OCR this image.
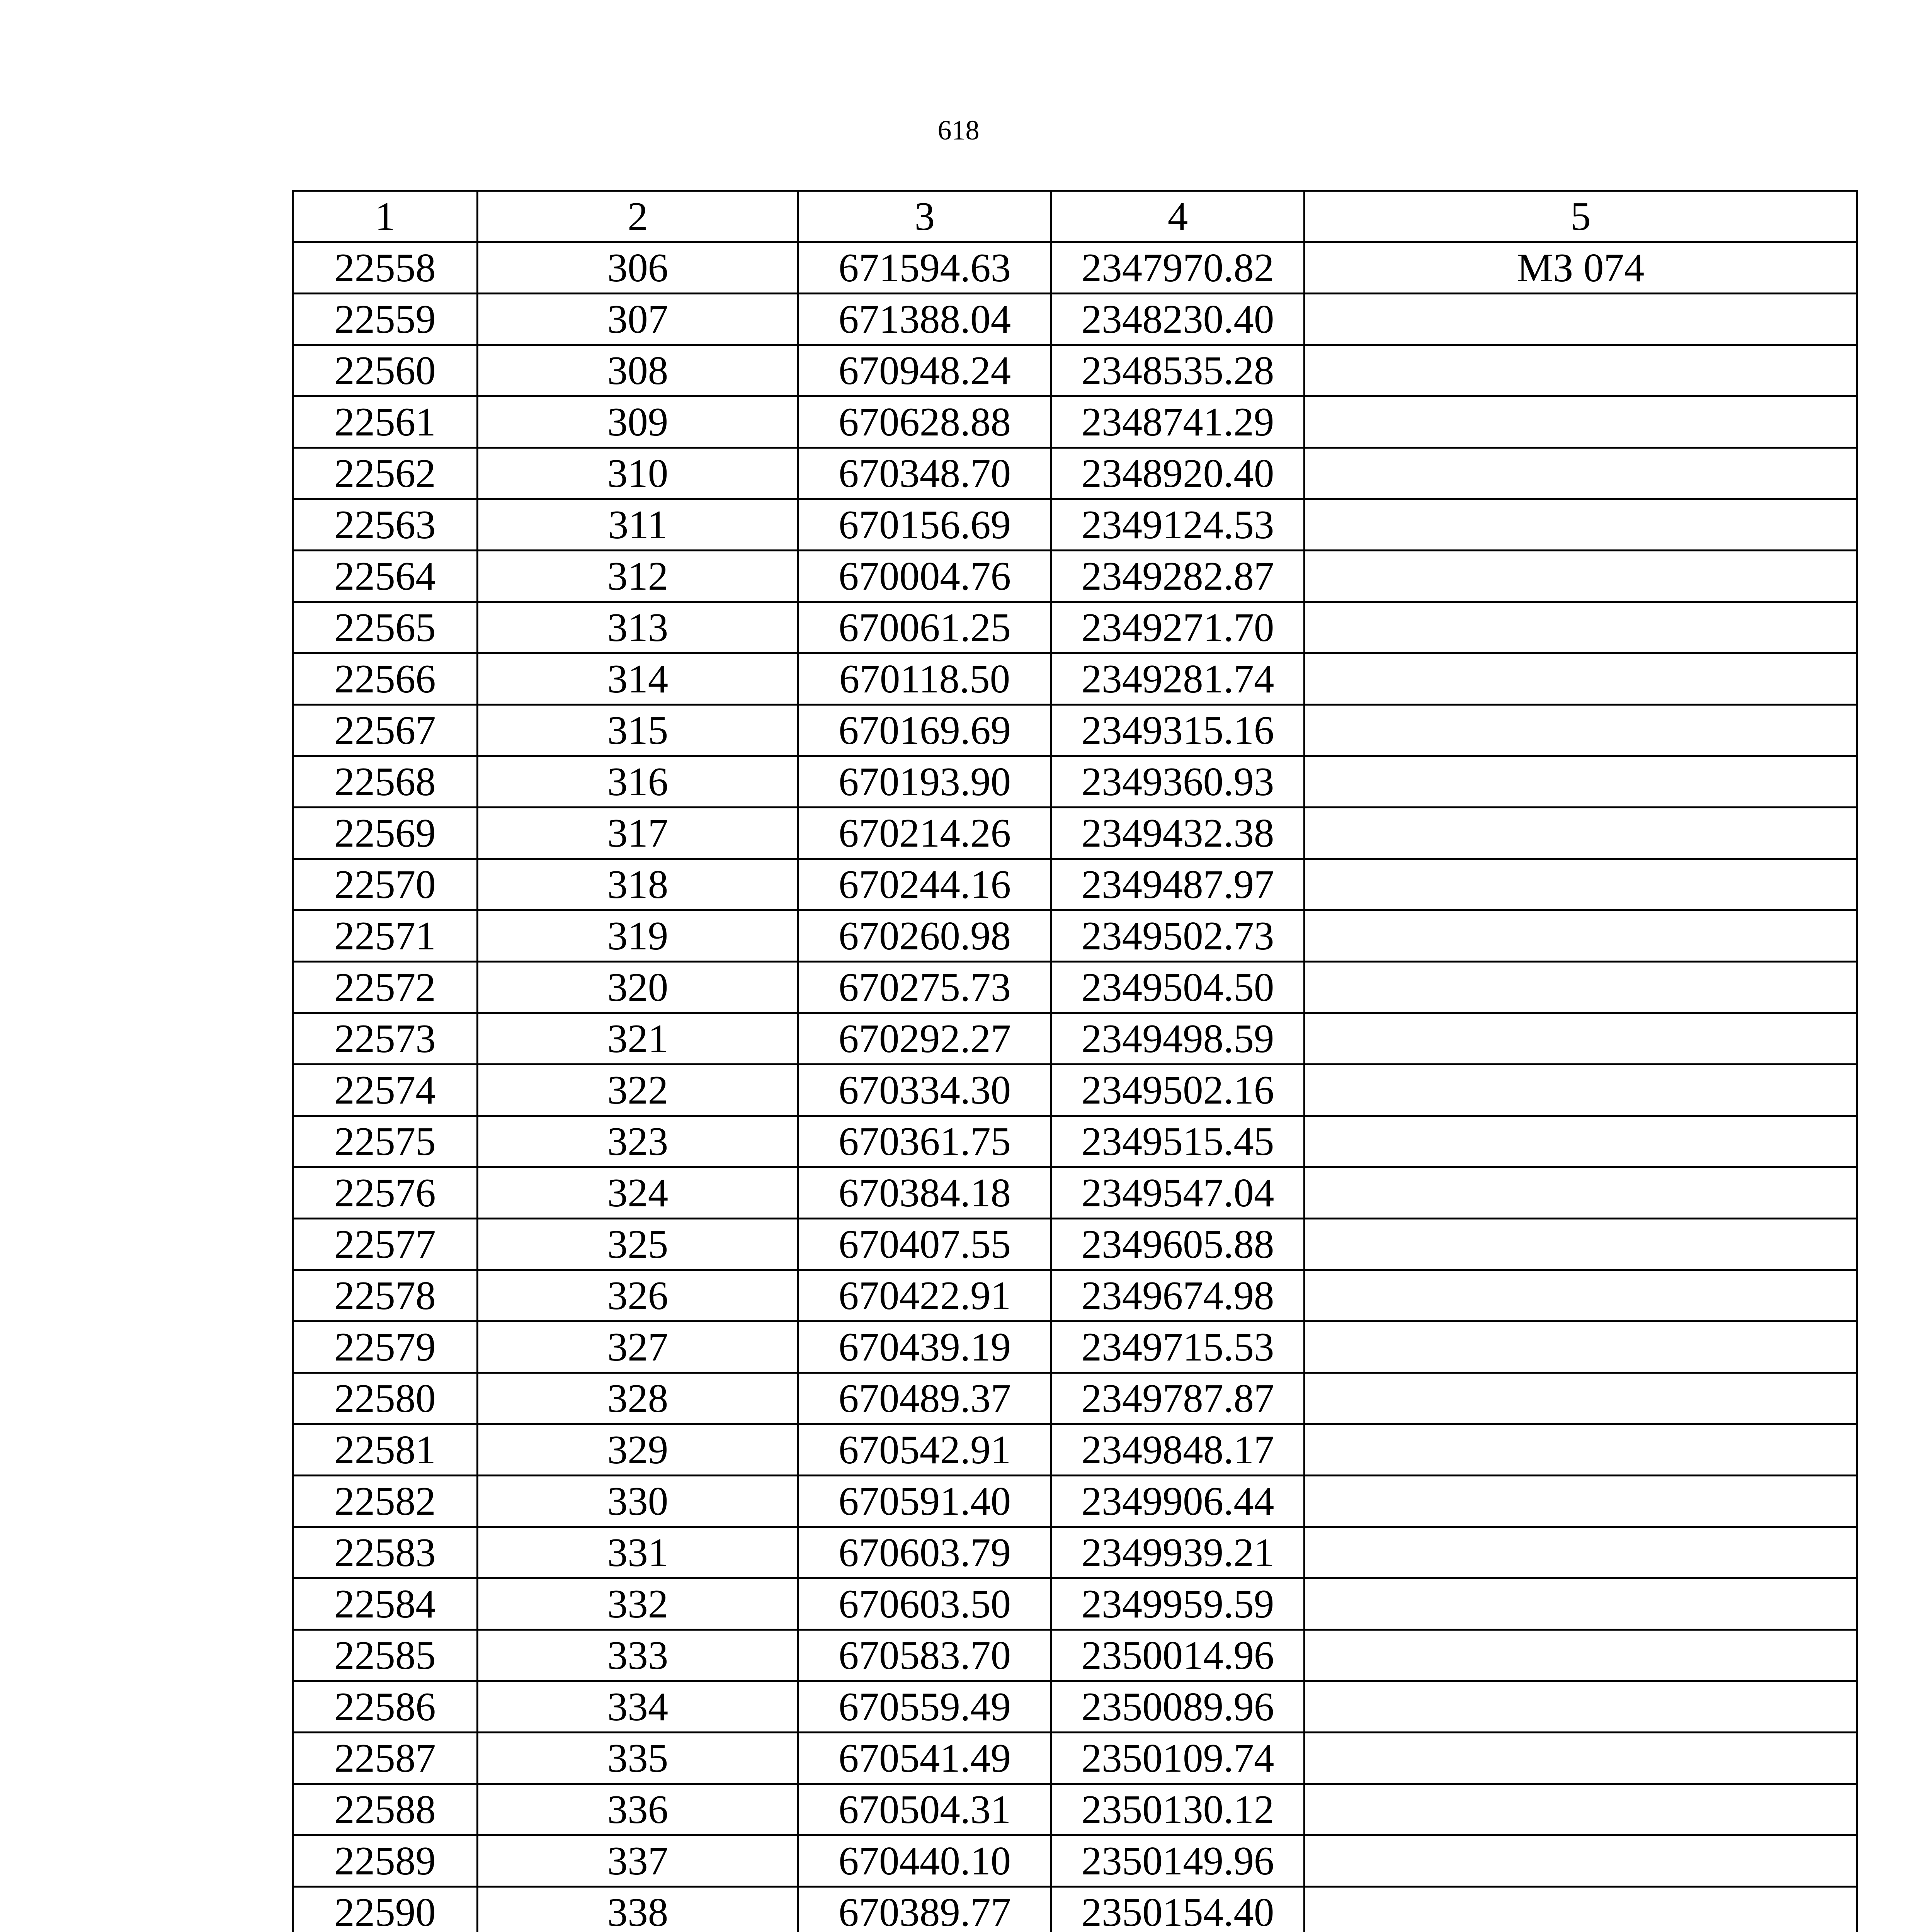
618
1	2	3	4	5
22558	306	671594.63	2347970.82	МЗ 074
22559	307	671388.04	2348230.40	
22560	308	670948.24	2348535.28	
22561	309	670628.88	2348741.29	
22562	310	670348.70	2348920.40	
22563	311	670156.69	2349124.53	
22564	312	670004.76	2349282.87	
22565	313	670061.25	2349271.70	
22566	314	670118.50	2349281.74	
22567	315	670169.69	2349315.16	
22568	316	670193.90	2349360.93	
22569	317	670214.26	2349432.38	
22570	318	670244.16	2349487.97	
22571	319	670260.98	2349502.73	
22572	320	670275.73	2349504.50	
22573	321	670292.27	2349498.59	
22574	322	670334.30	2349502.16	
22575	323	670361.75	2349515.45	
22576	324	670384.18	2349547.04	
22577	325	670407.55	2349605.88	
22578	326	670422.91	2349674.98	
22579	327	670439.19	2349715.53	
22580	328	670489.37	2349787.87	
22581	329	670542.91	2349848.17	
22582	330	670591.40	2349906.44	
22583	331	670603.79	2349939.21	
22584	332	670603.50	2349959.59	
22585	333	670583.70	2350014.96	
22586	334	670559.49	2350089.96	
22587	335	670541.49	2350109.74	
22588	336	670504.31	2350130.12	
22589	337	670440.10	2350149.96	
22590	338	670389.77	2350154.40	
